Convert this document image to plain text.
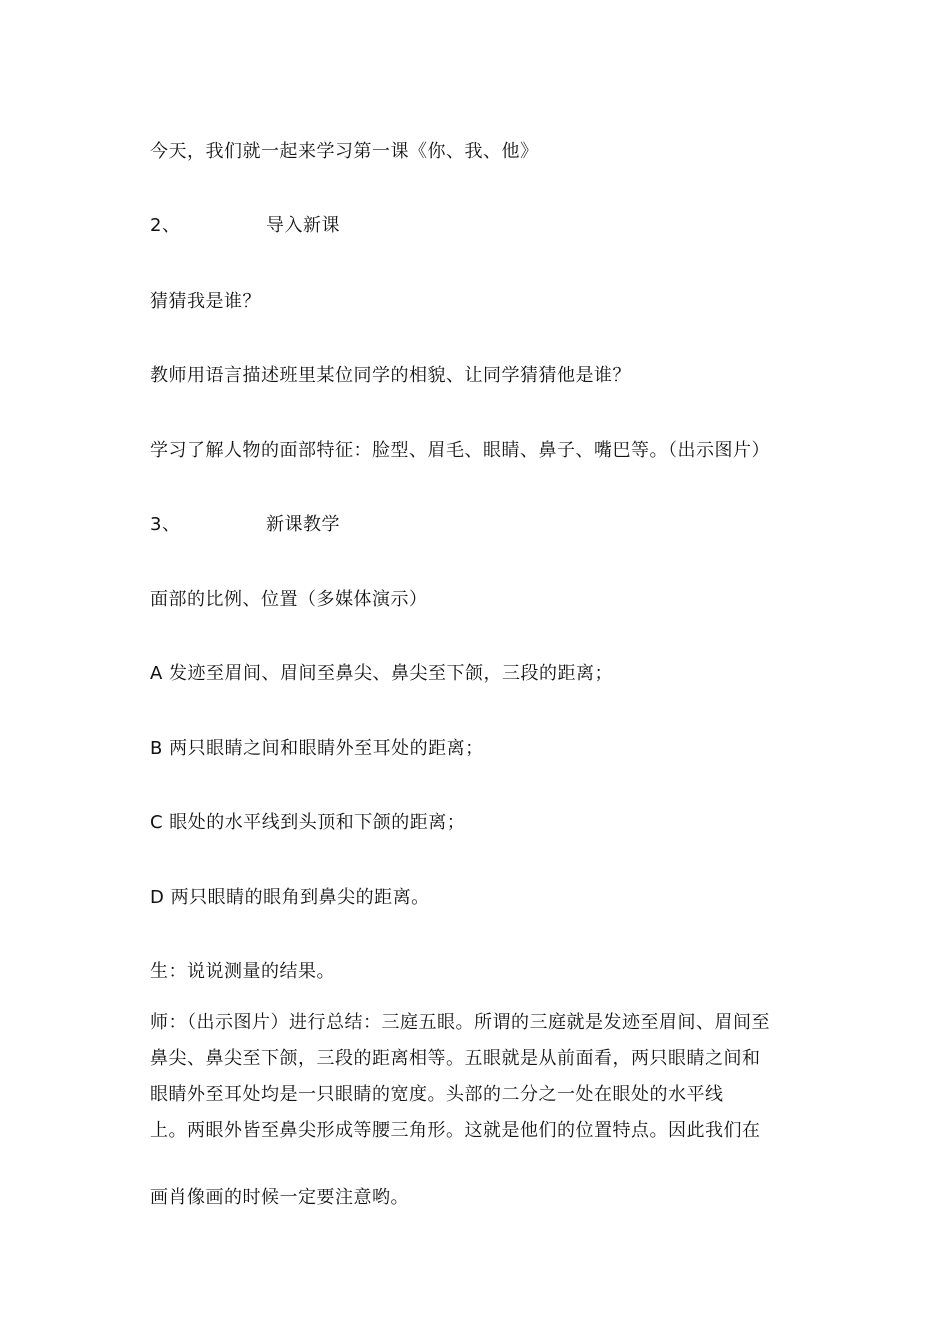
今天，我们就一起来学习第一课《你、我、他》
2、	导入新课
猜猜我是谁？
教师用语言描述班里某位同学的相貌、让同学猜猜他是谁？
学习了解人物的面部特征：脸型、眉毛、眼睛、鼻子、嘴巴等。（出示图片）
3、	新课教学
面部的比例、位置（多媒体演示）
A 发迹至眉间、眉间至鼻尖、鼻尖至下颌，三段的距离；
B 两只眼睛之间和眼睛外至耳处的距离；
C 眼处的水平线到头顶和下颌的距离；
D 两只眼睛的眼角到鼻尖的距离。
生：说说测量的结果。
师：（出示图片）进行总结：三庭五眼。所谓的三庭就是发迹至眉间、眉间至
鼻尖、鼻尖至下颌，三段的距离相等。五眼就是从前面看，两只眼睛之间和
眼睛外至耳处均是一只眼睛的宽度。头部的二分之一处在眼处的水平线
上。两眼外皆至鼻尖形成等腰三角形。这就是他们的位置特点。因此我们在
画肖像画的时候一定要注意哟。
